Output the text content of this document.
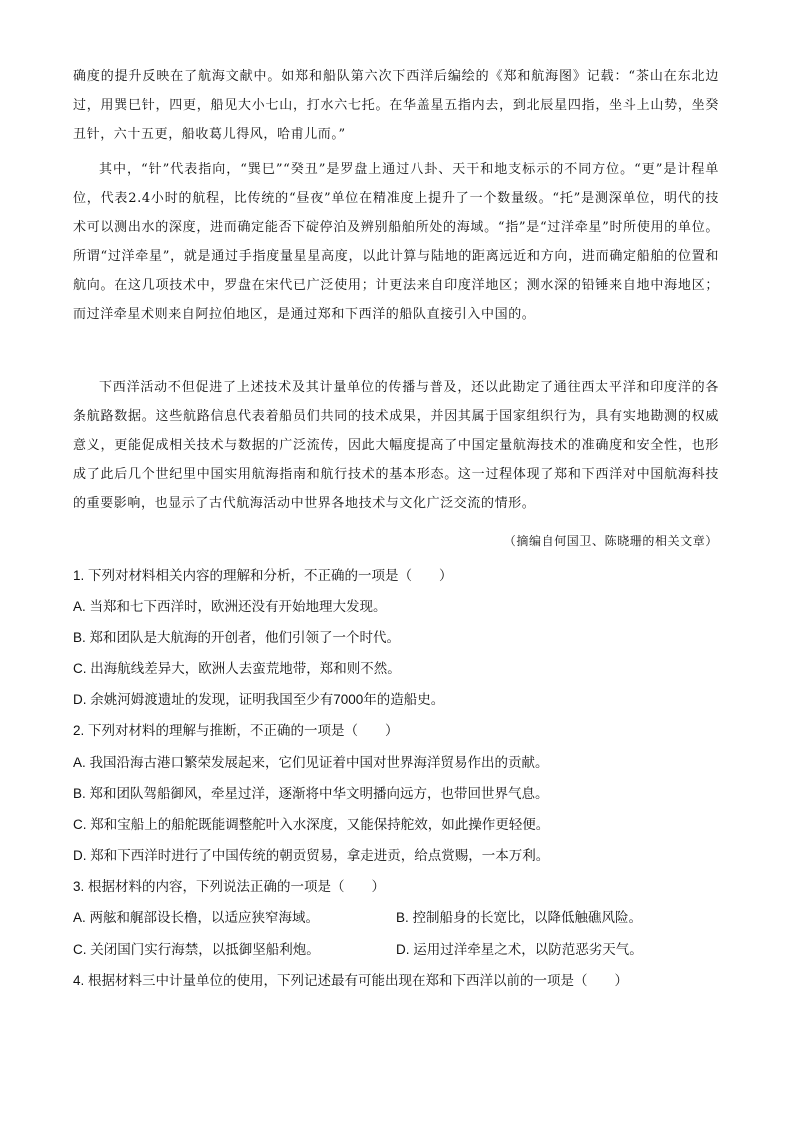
确度的提升反映在了航海文献中。如郑和船队第六次下西洋后编绘的《郑和航海图》记载：“茶山在东北边过，用巽巳针，四更，船见大小七山，打水六七托。在华盖星五指内去，到北辰星四指，坐斗上山势，坐癸丑针，六十五更，船收葛儿得风，哈甫儿而。”
其中，“针”代表指向，“巽巳”“癸丑”是罗盘上通过八卦、天干和地支标示的不同方位。“更”是计程单位，代表2.4小时的航程，比传统的“昼夜”单位在精准度上提升了一个数量级。“托”是测深单位，明代的技术可以测出水的深度，进而确定能否下碇停泊及辨别船舶所处的海域。“指”是“过洋牵星”时所使用的单位。所谓“过洋牵星”，就是通过手指度量星星高度，以此计算与陆地的距离远近和方向，进而确定船舶的位置和航向。在这几项技术中，罗盘在宋代已广泛使用；计更法来自印度洋地区；测水深的铅锤来自地中海地区；而过洋牵星术则来自阿拉伯地区，是通过郑和下西洋的船队直接引入中国的。
下西洋活动不但促进了上述技术及其计量单位的传播与普及，还以此勘定了通往西太平洋和印度洋的各条航路数据。这些航路信息代表着船员们共同的技术成果，并因其属于国家组织行为，具有实地勘测的权威意义，更能促成相关技术与数据的广泛流传，因此大幅度提高了中国定量航海技术的准确度和安全性，也形成了此后几个世纪里中国实用航海指南和航行技术的基本形态。这一过程体现了郑和下西洋对中国航海科技的重要影响，也显示了古代航海活动中世界各地技术与文化广泛交流的情形。
（摘编自何国卫、陈晓珊的相关文章）
1. 下列对材料相关内容的理解和分析，不正确的一项是（　　）
A. 当郑和七下西洋时，欧洲还没有开始地理大发现。
B. 郑和团队是大航海的开创者，他们引领了一个时代。
C. 出海航线差异大，欧洲人去蛮荒地带，郑和则不然。
D. 余姚河姆渡遗址的发现，证明我国至少有7000年的造船史。
2. 下列对材料的理解与推断，不正确的一项是（　　）
A. 我国沿海古港口繁荣发展起来，它们见证着中国对世界海洋贸易作出的贡献。
B. 郑和团队驾船御风，牵星过洋，逐渐将中华文明播向远方，也带回世界气息。
C. 郑和宝船上的船舵既能调整舵叶入水深度，又能保持舵效，如此操作更轻便。
D. 郑和下西洋时进行了中国传统的朝贡贸易，拿走进贡，给点赏赐，一本万利。
3. 根据材料的内容，下列说法正确的一项是（　　）
A. 两舷和艉部设长橹，以适应狭窄海域。	B. 控制船身的长宽比，以降低触礁风险。
C. 关闭国门实行海禁，以抵御坚船利炮。	D. 运用过洋牵星之术，以防范恶劣天气。
4. 根据材料三中计量单位的使用，下列记述最有可能出现在郑和下西洋以前的一项是（　　）
